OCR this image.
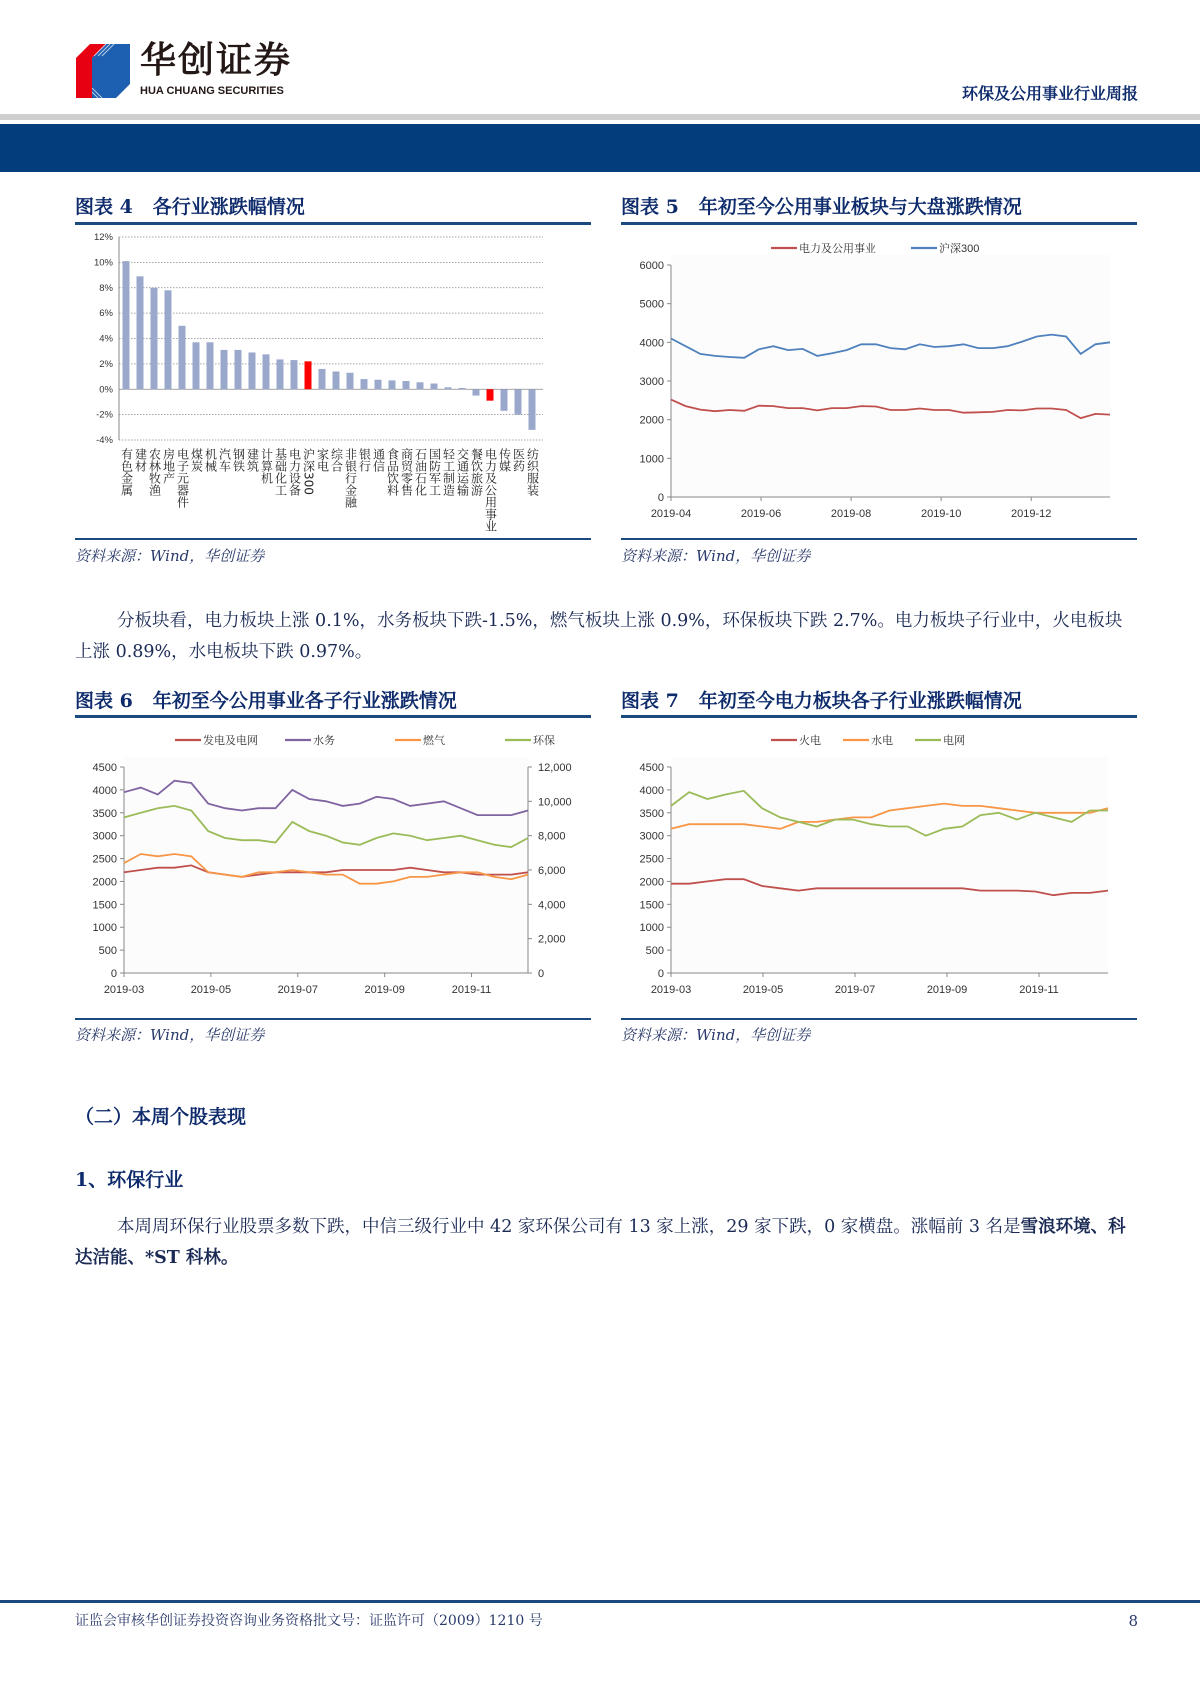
华创证券
HUA CHUANG SECURITIES	环保及公用事业行业周报
图表 4 各行业涨跌幅情况
12%
10%
8%
6%
4%
2%
0%
-2%
-4%
有色金属 建材 农林牧渔 房地产 电子元器件 煤炭 机械 汽车 钢铁 建筑 计算机 基础化工 电力设备 沪深300 家电 综合 非银行金融 银行 通信 食品饮料 商贸零售 石油石化 国防军工 轻工制造 交通运输 餐饮旅游 电力及公用事业 传媒 医药 纺织服装
资料来源：Wind，华创证券
图表 5 年初至今公用事业板块与大盘涨跌情况
6000
5000
4000
3000
2000
1000
0
2019-04	2019-06	2019-08	2019-10	2019-12
电力及公用事业	沪深300
资料来源：Wind，华创证券
分板块看，电力板块上涨 0.1%，水务板块下跌-1.5%，燃气板块上涨 0.9%，环保板块下跌 2.7%。电力板块子行业中，火电板块上涨 0.89%，水电板块下跌 0.97%。
图表 6 年初至今公用事业各子行业涨跌情况
4500
4000
3500
3000
2500
2000
1500
1000
500
0
12,000
10,000
8,000
6,000
4,000
2,000
0
2019-03	2019-05	2019-07	2019-09	2019-11
发电及电网	水务	燃气	环保
资料来源：Wind，华创证券
图表 7 年初至今电力板块各子行业涨跌幅情况
4500
4000
3500
3000
2500
2000
1500
1000
500
0
2019-03	2019-05	2019-07	2019-09	2019-11
火电	水电	电网
资料来源：Wind，华创证券
（二）本周个股表现
1、环保行业
本周周环保行业股票多数下跌，中信三级行业中 42 家环保公司有 13 家上涨，29 家下跌，0 家横盘。涨幅前 3 名是雪浪环境、科达洁能、*ST 科林。
证监会审核华创证券投资咨询业务资格批文号：证监许可（2009）1210 号	8
